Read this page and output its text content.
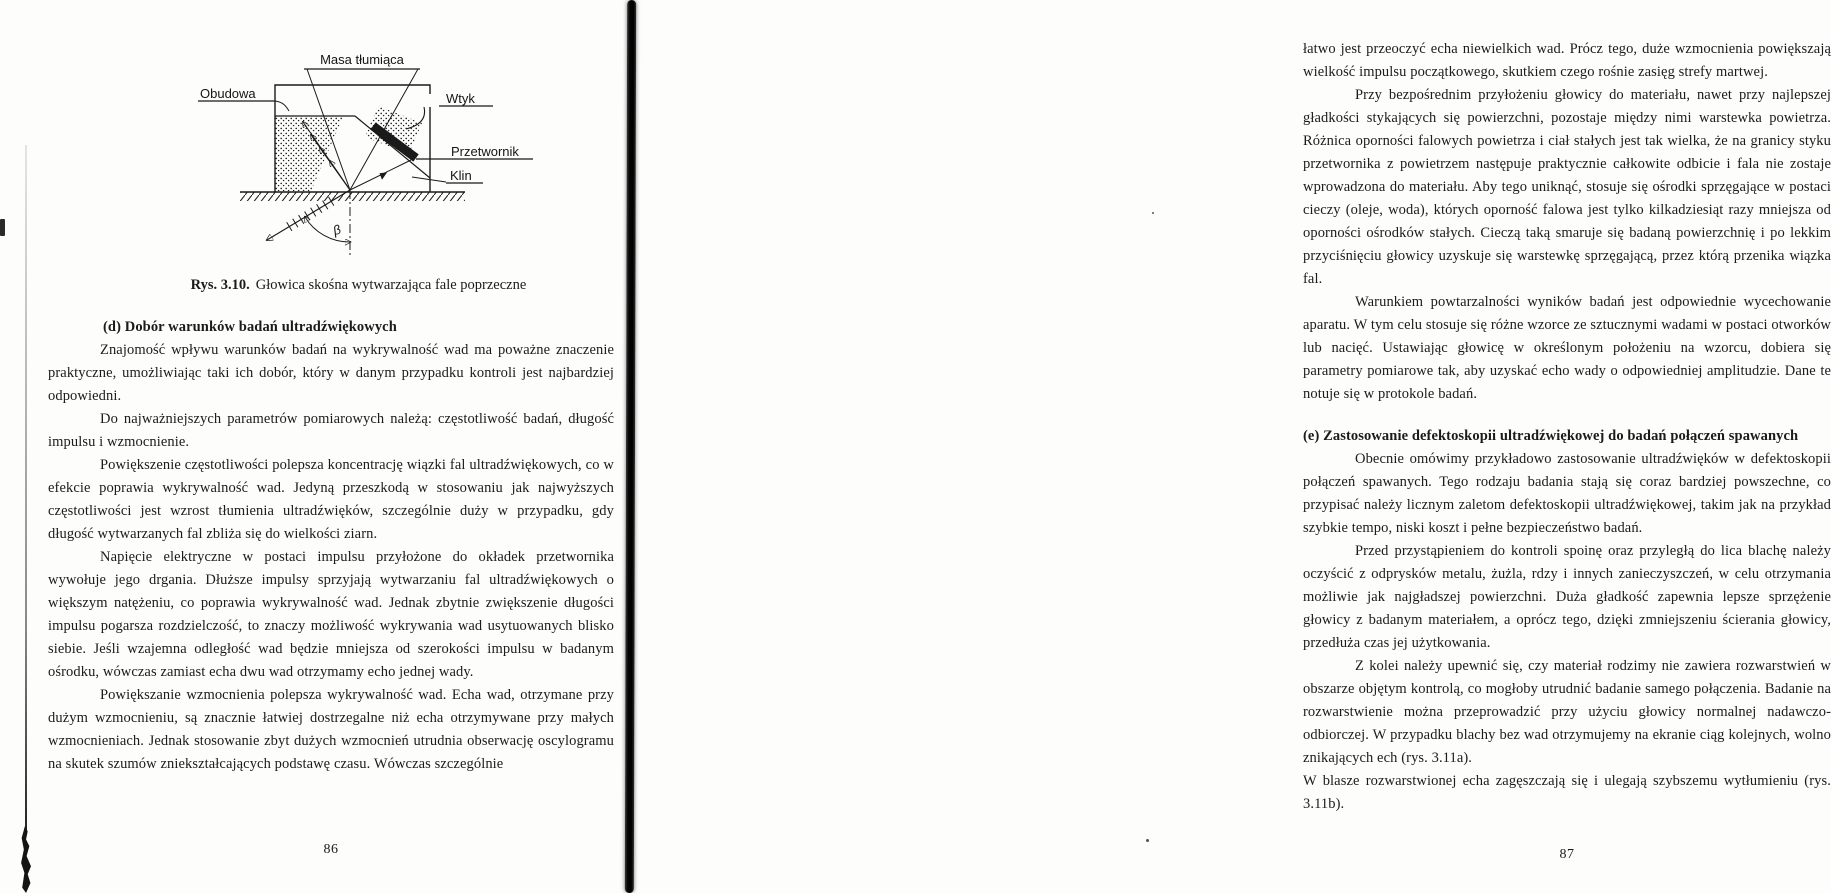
β
Masa tłumiąca
Obudowa	Wtyk
Przetwornik
Klin
Rys. 3.10. Głowica skośna wytwarzająca fale poprzeczne

(d) Dobór warunków badań ultradźwiękowych

Znajomość wpływu warunków badań na wykrywalność wad ma poważne znaczenie praktyczne, umożliwiając taki ich dobór, który w danym przypadku kontroli jest najbardziej odpowiedni.

Do najważniejszych parametrów pomiarowych należą: częstotliwość badań, długość impulsu i wzmocnienie.

Powiększenie częstotliwości polepsza koncentrację wiązki fal ultradźwiękowych, co w efekcie poprawia wykrywalność wad. Jedyną przeszkodą w stosowaniu jak najwyższych częstotliwości jest wzrost tłumienia ultradźwięków, szczególnie duży w przypadku, gdy długość wytwarzanych fal zbliża się do wielkości ziarn.

Napięcie elektryczne w postaci impulsu przyłożone do okładek przetwornika wywołuje jego drgania. Dłuższe impulsy sprzyjają wytwarzaniu fal ultradźwiękowych o większym natężeniu, co poprawia wykrywalność wad. Jednak zbytnie zwiększenie długości impulsu pogarsza rozdzielczość, to znaczy możliwość wykrywania wad usytuowanych blisko siebie. Jeśli wzajemna odległość wad będzie mniejsza od szerokości impulsu w badanym ośrodku, wówczas zamiast echa dwu wad otrzymamy echo jednej wady.

Powiększanie wzmocnienia polepsza wykrywalność wad. Echa wad, otrzymane przy dużym wzmocnieniu, są znacznie łatwiej dostrzegalne niż echa otrzymywane przy małych wzmocnieniach. Jednak stosowanie zbyt dużych wzmocnień utrudnia obserwację oscylogramu na skutek szumów zniekształcających podstawę czasu. Wówczas szczególnie

86

łatwo jest przeoczyć echa niewielkich wad. Prócz tego, duże wzmocnienia powiększają wielkość impulsu początkowego, skutkiem czego rośnie zasięg strefy martwej.

Przy bezpośrednim przyłożeniu głowicy do materiału, nawet przy najlepszej gładkości stykających się powierzchni, pozostaje między nimi warstewka powietrza. Różnica oporności falowych powietrza i ciał stałych jest tak wielka, że na granicy styku przetwornika z powietrzem następuje praktycznie całkowite odbicie i fala nie zostaje wprowadzona do materiału. Aby tego uniknąć, stosuje się ośrodki sprzęgające w postaci cieczy (oleje, woda), których oporność falowa jest tylko kilkadziesiąt razy mniejsza od oporności ośrodków stałych. Cieczą taką smaruje się badaną powierzchnię i po lekkim przyciśnięciu głowicy uzyskuje się warstewkę sprzęgającą, przez którą przenika wiązka fal.

Warunkiem powtarzalności wyników badań jest odpowiednie wycechowanie aparatu. W tym celu stosuje się różne wzorce ze sztucznymi wadami w postaci otworków lub nacięć. Ustawiając głowicę w określonym położeniu na wzorcu, dobiera się parametry pomiarowe tak, aby uzyskać echo wady o odpowiedniej amplitudzie. Dane te notuje się w protokole badań.

(e) Zastosowanie defektoskopii ultradźwiękowej do badań połączeń spawanych

Obecnie omówimy przykładowo zastosowanie ultradźwięków w defektoskopii połączeń spawanych. Tego rodzaju badania stają się coraz bardziej powszechne, co przypisać należy licznym zaletom defektoskopii ultradźwiękowej, takim jak na przykład szybkie tempo, niski koszt i pełne bezpieczeństwo badań.

Przed przystąpieniem do kontroli spoinę oraz przyległą do lica blachę należy oczyścić z odprysków metalu, żużla, rdzy i innych zanieczyszczeń, w celu otrzymania możliwie jak najgładszej powierzchni. Duża gładkość zapewnia lepsze sprzężenie głowicy z badanym materiałem, a oprócz tego, dzięki zmniejszeniu ścierania głowicy, przedłuża czas jej użytkowania.

Z kolei należy upewnić się, czy materiał rodzimy nie zawiera rozwarstwień w obszarze objętym kontrolą, co mogłoby utrudnić badanie samego połączenia. Badanie na rozwarstwienie można przeprowadzić przy użyciu głowicy normalnej nadawczo-odbiorczej. W przypadku blachy bez wad otrzymujemy na ekranie ciąg kolejnych, wolno znikających ech (rys. 3.11a).

W blasze rozwarstwionej echa zagęszczają się i ulegają szybszemu wytłumieniu (rys. 3.11b).

87
